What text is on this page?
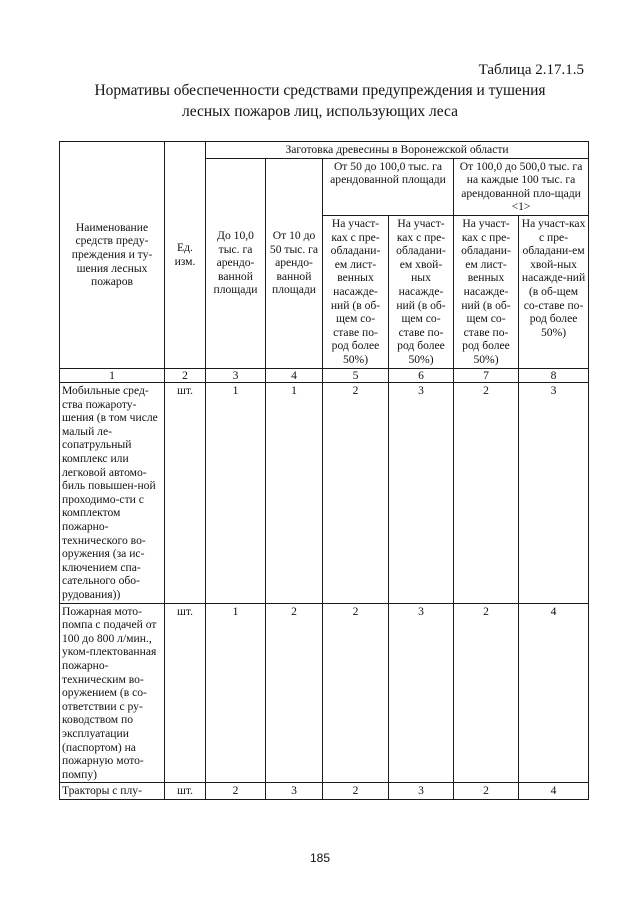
Таблица 2.17.1.5

Нормативы обеспеченности средствами предупреждения и тушения
лесных пожаров лиц, использующих леса
Наименование средств преду-преждения и ту-шения лесных пожаров	Ед. изм.	Заготовка древесины в Воронежской области					
		До 10,0 тыс. га арендо-ванной площади	От 10 до 50 тыс. га арендо-ванной площади	От 50 до 100,0 тыс. га арендованной площади		От 100,0 до 500,0 тыс. га на каждые 100 тыс. га арендованной пло-щади <1>	
				На участ-ках с пре-обладани-ем лист-венных насажде-ний (в об-щем со-ставе по-род более 50%)	На участ-ках с пре-обладани-ем хвой-ных насажде-ний (в об-щем со-ставе по-род более 50%)	На участ-ках с пре-обладани-ем лист-венных насажде-ний (в об-щем со-ставе по-род более 50%)	На участ-ках с пре-обладани-ем хвой-ных насажде-ний (в об-щем со-ставе по-род более 50%)
1	2	3	4	5	6	7	8
Мобильные сред-ства пожароту-шения (в том числе малый ле-сопатрульный комплекс или легковой автомо-биль повышен-ной проходимо-сти с комплектом пожарно-технического во-оружения (за ис-ключением спа-сательного обо-рудования))	шт.	1	1	2	3	2	3
Пожарная мото-помпа с подачей от 100 до 800 л/мин., уком-плектованная пожарно-техническим во-оружением (в со-ответствии с ру-ководством по эксплуатации (паспортом) на пожарную мото-помпу)	шт.	1	2	2	3	2	4
Тракторы с плу-	шт.	2	3	2	3	2	4

185
